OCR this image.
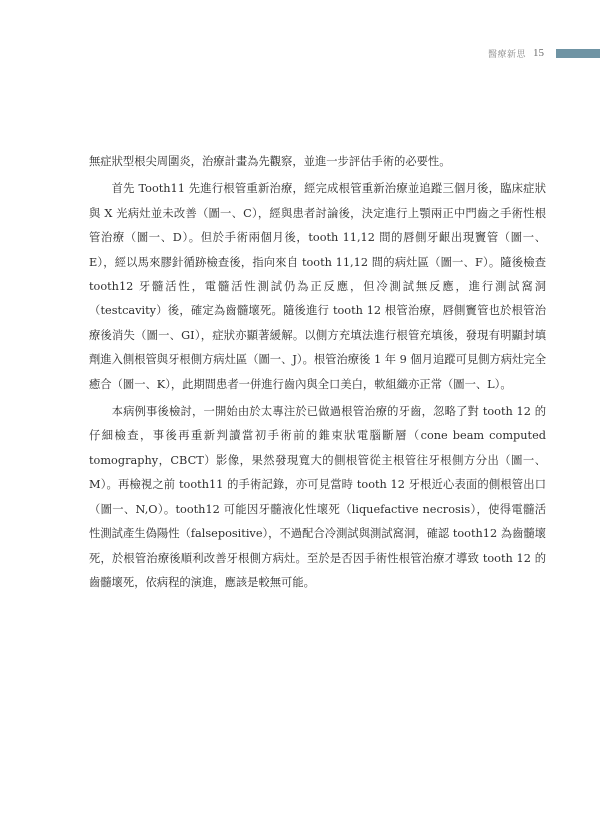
醫療新思 15

無症狀型根尖周圍炎，治療計畫為先觀察，並進一步評估手術的必要性。

首先 Tooth11 先進行根管重新治療，經完成根管重新治療並追蹤三個月後，臨床症狀與 X 光病灶並未改善（圖一、C），經與患者討論後，決定進行上顎兩正中門齒之手術性根管治療（圖一、D）。但於手術兩個月後，tooth 11,12 間的唇側牙齦出現竇管（圖一、E），經以馬來膠針循跡檢查後，指向來自 tooth 11,12 間的病灶區（圖一、F）。隨後檢查 tooth12 牙髓活性，電髓活性測試仍為正反應，但冷測試無反應，進行測試窩洞（testcavity）後，確定為齒髓壞死。隨後進行 tooth 12 根管治療，唇側竇管也於根管治療後消失（圖一、GI），症狀亦顯著緩解。以側方充填法進行根管充填後，發現有明顯封填劑進入側根管與牙根側方病灶區（圖一、J）。根管治療後 1 年 9 個月追蹤可見側方病灶完全癒合（圖一、K），此期間患者一併進行齒內與全口美白，軟組織亦正常（圖一、L）。

本病例事後檢討，一開始由於太專注於已做過根管治療的牙齒，忽略了對 tooth 12 的仔細檢查，事後再重新判讀當初手術前的錐束狀電腦斷層（cone beam computed tomography，CBCT）影像，果然發現寬大的側根管從主根管往牙根側方分出（圖一、M）。再檢視之前 tooth11 的手術記錄，亦可見當時 tooth 12 牙根近心表面的側根管出口（圖一、N,O）。tooth12 可能因牙髓液化性壞死（liquefactive necrosis），使得電髓活性測試產生偽陽性（falsepositive），不過配合冷測試與測試窩洞，確認 tooth12 為齒髓壞死，於根管治療後順利改善牙根側方病灶。至於是否因手術性根管治療才導致 tooth 12 的齒髓壞死，依病程的演進，應該是較無可能。
